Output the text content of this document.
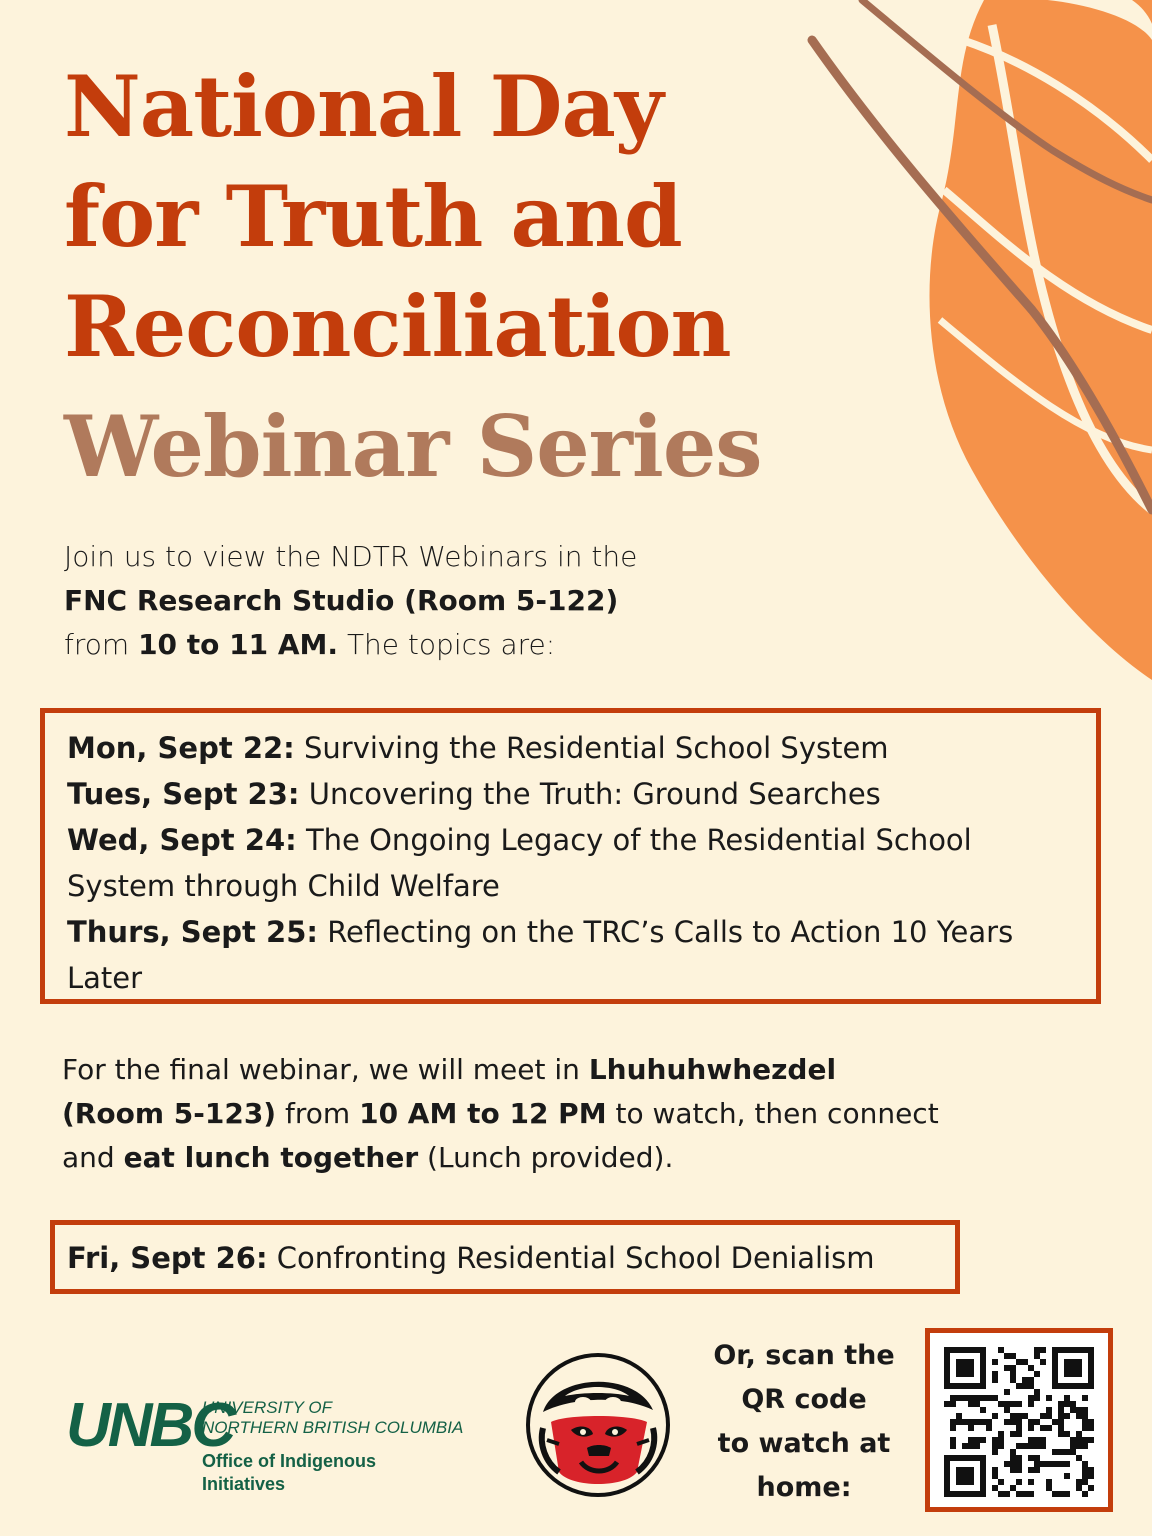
National Day
for Truth and
Reconciliation
Webinar Series

Join us to view the NDTR Webinars in the
FNC Research Studio (Room 5-122)
from 10 to 11 AM. The topics are:

Mon, Sept 22: Surviving the Residential School System

Tues, Sept 23: Uncovering the Truth: Ground Searches

Wed, Sept 24: The Ongoing Legacy of the Residential School System through Child Welfare

Thurs, Sept 25: Reflecting on the TRC’s Calls to Action 10 Years Later

For the final webinar, we will meet in Lhuhuhwhezdel
(Room 5-123) from 10 AM to 12 PM to watch, then connect and eat lunch together (Lunch provided).

Fri, Sept 26: Confronting Residential School Denialism

UNBC
UNIVERSITY OF
NORTHERN BRITISH COLUMBIA
Office of Indigenous
Initiatives
Or, scan the
QR code
to watch at
home:
